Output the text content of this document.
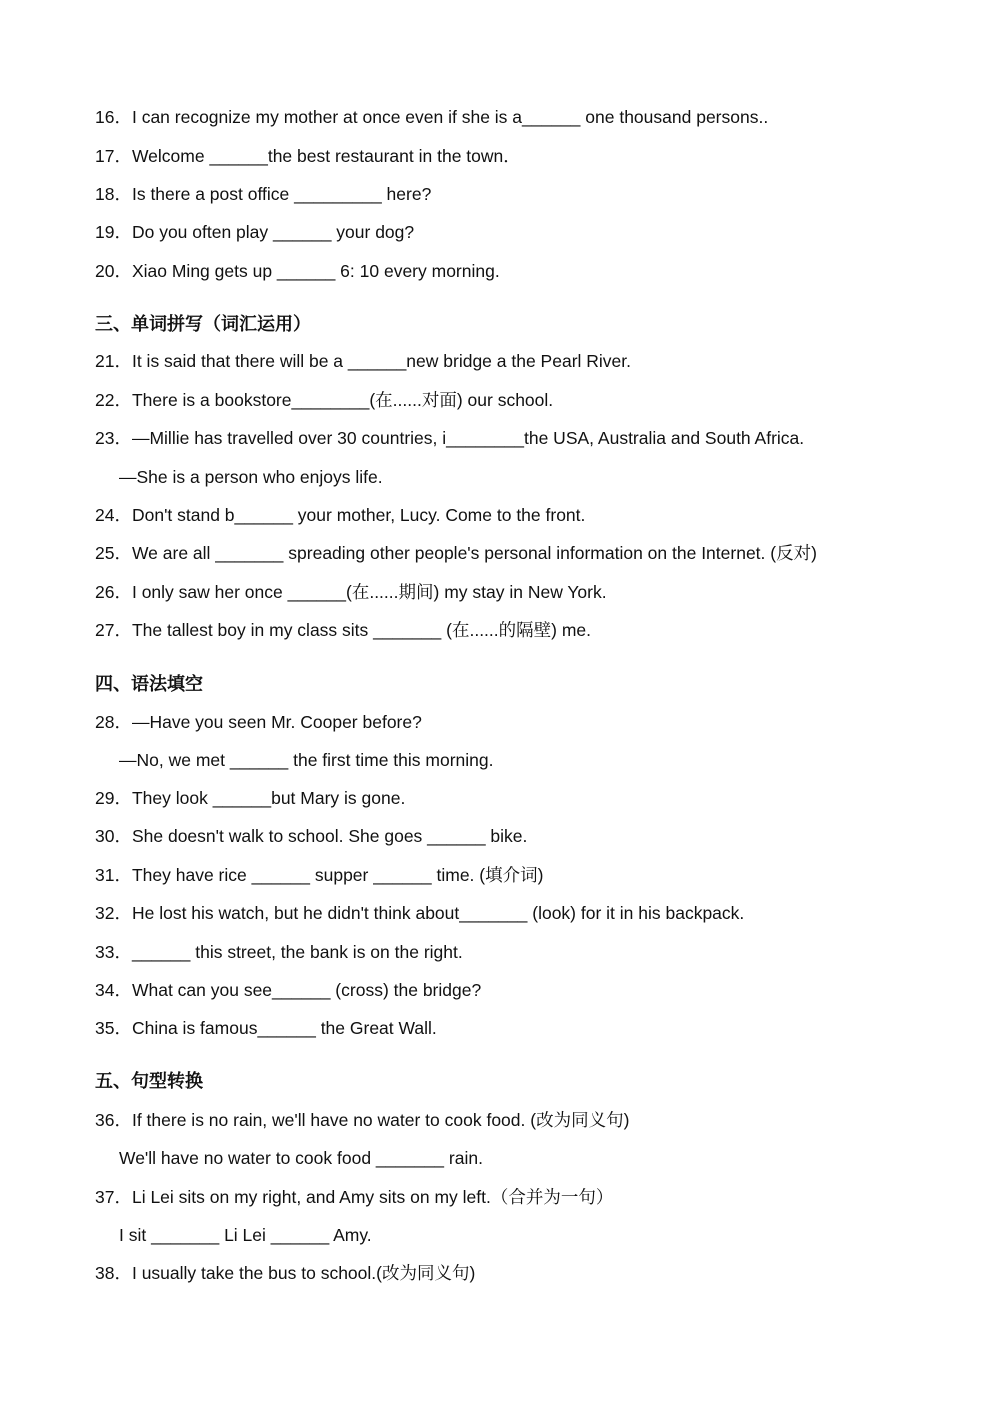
16．I can recognize my mother at once even if she is a______ one thousand persons..
17．Welcome ______the best restaurant in the town．
18．Is there a post office _________ here?
19．Do you often play ______ your dog?
20．Xiao Ming gets up ______ 6: 10 every morning.
三、单词拼写（词汇运用）
21．It is said that there will be a ______new bridge a the Pearl River.
22．There is a bookstore________(在......对面) our school.
23．—Millie has travelled over 30 countries, i________the USA, Australia and South Africa.
—She is a person who enjoys life.
24．Don't stand b______ your mother, Lucy. Come to the front.
25．We are all _______ spreading other people's personal information on the Internet. (反对)
26．I only saw her once ______(在......期间) my stay in New York.
27．The tallest boy in my class sits _______ (在......的隔壁) me.
四、语法填空
28．—Have you seen Mr. Cooper before?
—No, we met ______ the first time this morning.
29．They look ______but Mary is gone.
30．She doesn't walk to school. She goes ______ bike.
31．They have rice ______ supper ______ time. (填介词)
32．He lost his watch, but he didn't think about_______ (look) for it in his backpack.
33．______ this street, the bank is on the right.
34．What can you see______ (cross) the bridge?
35．China is famous______ the Great Wall.
五、句型转换
36．If there is no rain, we'll have no water to cook food. (改为同义句)
We'll have no water to cook food _______ rain.
37．Li Lei sits on my right, and Amy sits on my left.（合并为一句）
I sit _______ Li Lei ______ Amy.
38．I usually take the bus to school.(改为同义句)
